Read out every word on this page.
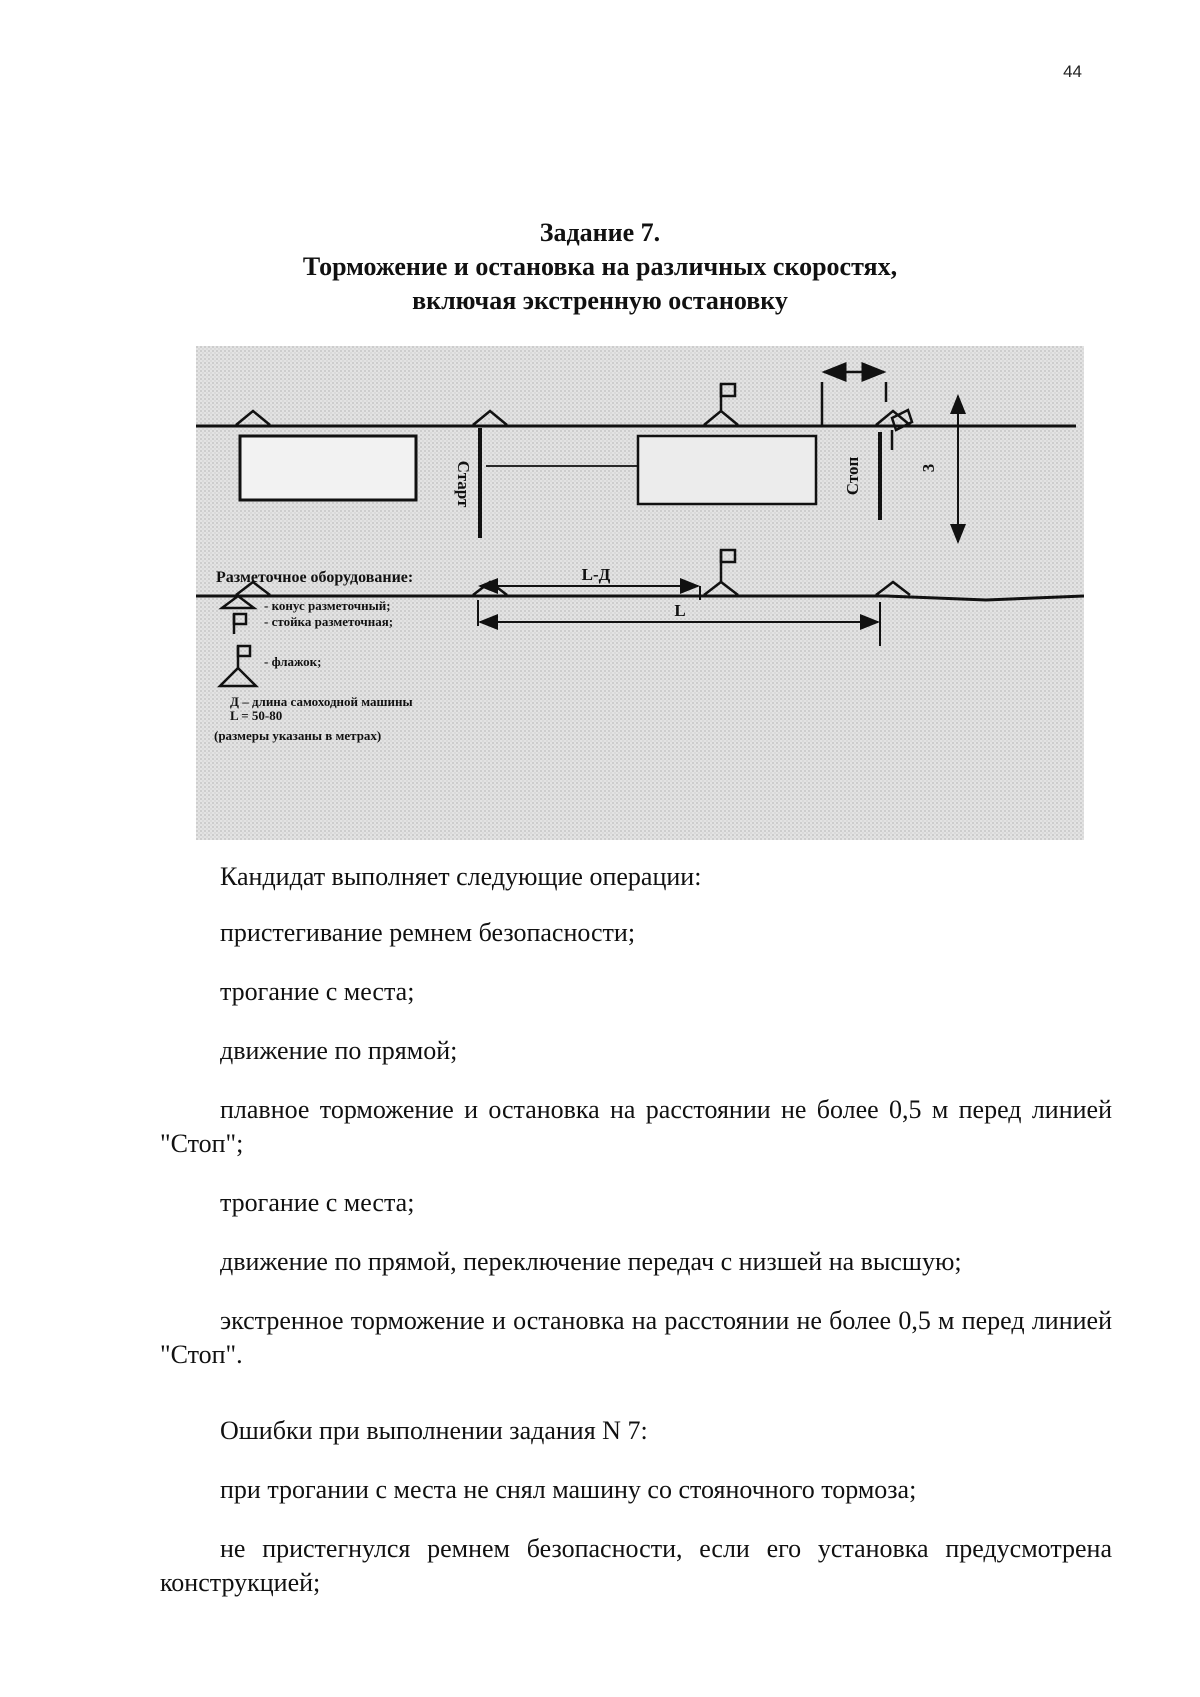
44
Задание 7.
Торможение и остановка на различных скоростях,
включая экстренную остановку
Старт	Стоп	3
L-Д
L
Разметочное оборудование:
- конус разметочный;
- стойка разметочная;
- флажок;
Д – длина самоходной машины
L = 50-80
(размеры указаны в метрах)

Кандидат выполняет следующие операции:

пристегивание ремнем безопасности;

трогание с места;

движение по прямой;

плавное торможение и остановка на расстоянии не более 0,5 м перед линией "Стоп";

трогание с места;

движение по прямой, переключение передач с низшей на высшую;

экстренное торможение и остановка на расстоянии не более 0,5 м перед линией "Стоп".

Ошибки при выполнении задания N 7:

при трогании с места не снял машину со стояночного тормоза;

не пристегнулся ремнем безопасности, если его установка предусмотрена конструкцией;
